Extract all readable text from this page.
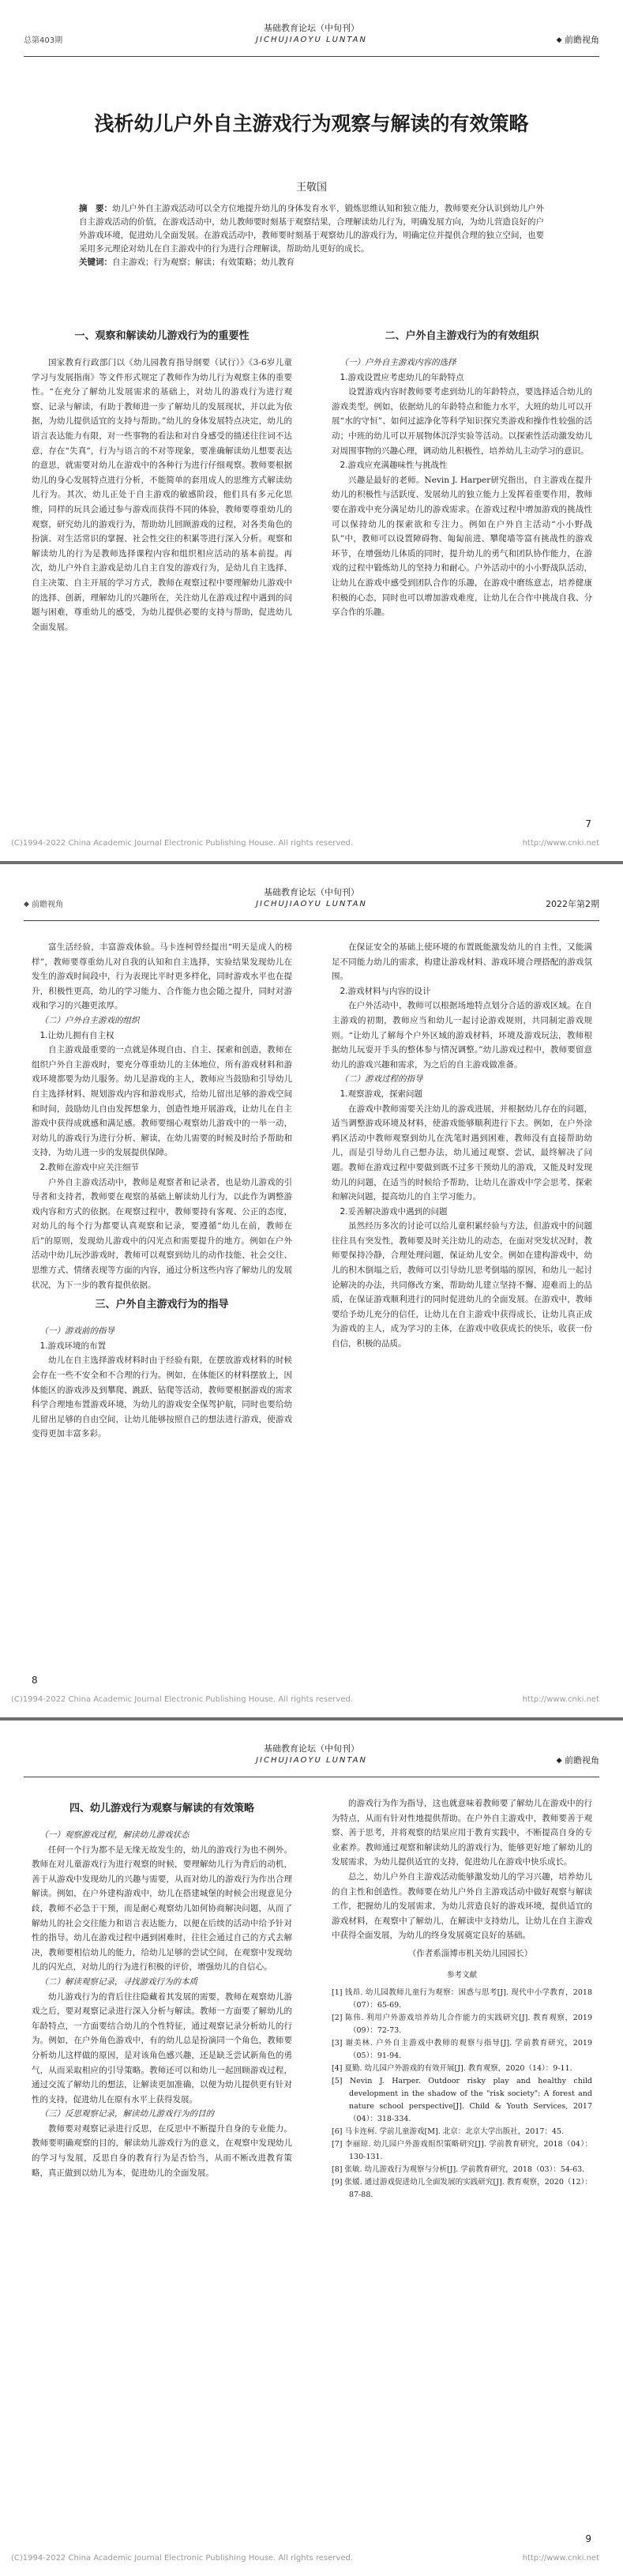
基础教育论坛（中旬刊）
JICHUJIAOYU LUNTAN
总第403期	◆ 前瞻视角
浅析幼儿户外自主游戏行为观察与解读的有效策略
王敬国

摘　要：幼儿户外自主游戏活动可以全方位地提升幼儿的身体发育水平，锻炼思维认知和独立能力，教师要充分认识到幼儿户外自主游戏活动的价值，在游戏活动中，幼儿教师要时刻基于观察结果，合理解读幼儿行为，明确发展方向，为幼儿营造良好的户外游戏环境，促进幼儿全面发展。在游戏活动中，教师要时刻基于观察幼儿的游戏行为，明确定位并提供合理的独立空间，也要采用多元理论对幼儿在自主游戏中的行为进行合理解读，帮助幼儿更好的成长。

关键词：自主游戏；行为观察；解读；有效策略；幼儿教育

一、观察和解读幼儿游戏行为的重要性

国家教育行政部门以《幼儿园教育指导纲要（试行）》《3-6岁儿童学习与发展指南》等文件形式规定了教师作为幼儿行为观察主体的重要性。“在充分了解幼儿发展需求的基础上，对幼儿的游戏行为进行观察、记录与解读，有助于教师进一步了解幼儿的发展现状，并以此为依据，为幼儿提供适宜的支持与帮助。”幼儿的身体发展特点决定，幼儿的语言表达能力有限，对一些事物的看法和对自身感受的描述往往词不达意，存在“失真”，行为与语言的不对等现象，要准确解读幼儿想要表达的意思，就需要对幼儿在游戏中的各种行为进行仔细观察。教师要根据幼儿的身心发展特点进行分析，不能简单的套用成人的思维方式解读幼儿行为。其次，幼儿正处于自主游戏的敏感阶段，他们具有多元化思维，同样的玩具会通过参与游戏而获得不同的体验，教师要尊重幼儿的观察，研究幼儿的游戏行为，帮助幼儿回顾游戏的过程，对各类角色的扮演、对生活常识的掌握、社会性交往的积累等进行深入分析。观察和解读幼儿的行为是教师选择课程内容和组织相应活动的基本前提。再次，幼儿户外自主游戏是幼儿自主自发的游戏行为，是幼儿自主选择、自主决策、自主开展的学习方式，教师在观察过程中要理解幼儿游戏中的选择、创新，理解幼儿的兴趣所在，关注幼儿在游戏过程中遇到的问题与困难，尊重幼儿的感受，为幼儿提供必要的支持与帮助，促进幼儿全面发展。

二、户外自主游戏行为的有效组织

（一）户外自主游戏内容的选择

1.游戏设置应考虑幼儿的年龄特点

设置游戏内容时教师要考虑到幼儿的年龄特点，要选择适合幼儿的游戏类型。例如，依据幼儿的年龄特点和能力水平，大班的幼儿可以开展“水的守恒”、如何过滤净化等科学知识探究类游戏和操作性较强的活动；中班的幼儿可以开展物体沉浮实验等活动。以探索性活动激发幼儿对周围事物的兴趣心理，调动幼儿积极性，培养幼儿主动学习的意识。

2.游戏应充满趣味性与挑战性

兴趣是最好的老师。Nevin J. Harper研究指出，自主游戏在提升幼儿的积极性与活跃度、发展幼儿的独立能力上发挥着重要作用，教师要在游戏中充分满足幼儿的游戏需求。在游戏过程中增加游戏的挑战性可以保持幼儿的探索欲和专注力。例如在户外自主活动“小小野战队”中，教师可以设置障碍物、匍匐前进、攀爬墙等富有挑战性的游戏环节，在增强幼儿体质的同时，提升幼儿的勇气和团队协作能力，在游戏的过程中锻炼幼儿的坚持力和耐心。户外活动中的小小野战队活动，让幼儿在游戏中感受到团队合作的乐趣，在游戏中磨练意志，培养健康积极的心态，同时也可以增加游戏难度，让幼儿在合作中挑战自我、分享合作的乐趣。

7
(C)1994-2022 China Academic Journal Electronic Publishing House. All rights reserved.	http://www.cnki.net
基础教育论坛（中旬刊）
JICHUJIAOYU LUNTAN
◆ 前瞻视角	2022年第2期

富生活经验，丰富游戏体验。马卡连柯曾经提出“明天是成人的榜样”，教师要尊重幼儿对自我的认知和自主选择，实验结果发现幼儿在发生的游戏时间段中，行为表现比平时更多样化，同时游戏水平也在提升，积极性更高，幼儿的学习能力、合作能力也会随之提升，同时对游戏和学习的兴趣更浓厚。

（二）户外自主游戏的组织

1.让幼儿拥有自主权

自主游戏最重要的一点就是体现自由、自主、探索和创造，教师在组织户外自主游戏时，要充分尊重幼儿的主体地位，所有游戏材料和游戏环境都要为幼儿服务。幼儿是游戏的主人，教师应当鼓励和引导幼儿自主选择材料、规划游戏内容和游戏形式，给幼儿留出足够的游戏空间和时间，鼓励幼儿自由发挥想象力，创造性地开展游戏，让幼儿在自主游戏中获得成就感和满足感。教师要细心观察幼儿游戏中的一举一动，对幼儿的游戏行为进行分析、解读，在幼儿需要的时候及时给予帮助和支持，为幼儿进一步的发展提供保障。

2.教师在游戏中应关注细节

户外自主游戏活动中，教师是观察者和记录者，也是幼儿游戏的引导者和支持者，教师要在观察的基础上解读幼儿行为，以此作为调整游戏内容和方式的依据。在观察过程中，教师要持有客观、公正的态度，对幼儿的每个行为都要认真观察和记录，要遵循“幼儿在前，教师在后”的原则，发现幼儿游戏中的闪光点和需要提升的地方。例如在户外活动中幼儿玩沙游戏时，教师可以观察到幼儿的动作技能、社会交往、思维方式、情绪表现等方面的内容，通过分析这些内容了解幼儿的发展状况，为下一步的教育提供依据。

三、户外自主游戏行为的指导

（一）游戏前的指导

1.游戏环境的布置

幼儿在自主选择游戏材料时由于经验有限，在摆放游戏材料的时候会存在一些不安全和不合理的行为。例如，在体能区的材料摆放上，因体能区的游戏涉及到攀爬、跳跃、钻爬等活动，教师要根据游戏的需求科学合理地布置游戏环境，为幼儿的游戏安全保驾护航，同时也要给幼儿留出足够的自由空间，让幼儿能够按照自己的想法进行游戏，使游戏变得更加丰富多彩。

在保证安全的基础上使环境的布置既能激发幼儿的自主性，又能满足不同能力幼儿的需求，构建让游戏材料、游戏环境合理搭配的游戏氛围。

2.游戏材料与内容的设计

在户外活动中，教师可以根据场地特点划分合适的游戏区域。在自主游戏的初期，教师应当和幼儿一起讨论游戏规则，共同制定游戏规则。“让幼儿了解每个户外区域的游戏材料，环境及游戏玩法，教师根据幼儿玩耍开手头的整体参与情况调整。”幼儿游戏过程中，教师要留意幼儿的游戏兴趣和需求，为之后的自主游戏做准备。

（二）游戏过程的指导

1.观察游戏，探索问题

在游戏中教师需要关注幼儿的游戏进展，并根据幼儿存在的问题，适当调整游戏环境及材料，使游戏能够顺利进行下去。例如，在户外涂鸦区活动中教师观察到幼儿在洗笔时遇到困难，教师没有直接帮助幼儿，而是引导幼儿自己想办法，幼儿通过观察、尝试，最终解决了问题。教师在游戏过程中要做到既不过多干预幼儿的游戏，又能及时发现幼儿的问题，在适当的时候给予帮助，让幼儿在游戏中学会思考、探索和解决问题，提高幼儿的自主学习能力。

2.妥善解决游戏中遇到的问题

虽然经历多次的讨论可以给儿童积累经验与方法，但游戏中的问题往往具有突发性，教师要及时关注幼儿的动态，在面对突发状况时，教师要保持冷静，合理处理问题，保证幼儿安全。例如在建构游戏中，幼儿的积木倒塌之后，教师可以引导幼儿思考倒塌的原因，和幼儿一起讨论解决的办法，共同修改方案，帮助幼儿建立坚持不懈、迎难而上的品质，在保证游戏顺利进行的同时促进幼儿的全面发展。在游戏中，教师要给予幼儿充分的信任，让幼儿在自主游戏中获得成长，让幼儿真正成为游戏的主人，成为学习的主体，在游戏中收获成长的快乐，收获一份自信，积极的品质。

8
(C)1994-2022 China Academic Journal Electronic Publishing House. All rights reserved.	http://www.cnki.net
基础教育论坛（中旬刊）
JICHUJIAOYU LUNTAN	◆ 前瞻视角

四、幼儿游戏行为观察与解读的有效策略

（一）观察游戏过程，解读幼儿游戏状态

任何一个行为都不是无缘无故发生的，幼儿的游戏行为也不例外。教师在对儿童游戏行为进行观察的时候，要理解幼儿行为背后的动机，善于从游戏中发现幼儿的兴趣与需要，从而对幼儿的游戏行为作出合理解读。例如，在户外建构游戏中，幼儿在搭建城堡的时候会出现意见分歧，教师不必急于干预，而是耐心观察幼儿如何协商解决问题，从而了解幼儿的社会交往能力和语言表达能力，以便在后续的活动中给予针对性的指导。幼儿在游戏过程中遇到困难时，往往会通过自己的方式去解决，教师要相信幼儿的能力，给幼儿足够的尝试空间，在观察中发现幼儿的闪光点，对幼儿的行为进行积极的评价，增强幼儿的自信心。

（二）解读观察记录，寻找游戏行为的本质

幼儿游戏行为的背后往往隐藏着其发展的需要，教师在观察幼儿游戏之后，要对观察记录进行深入分析与解读。教师一方面要了解幼儿的年龄特点，一方面要结合幼儿的个性特征，通过观察记录分析幼儿的行为。例如，在户外角色游戏中，有的幼儿总是扮演同一个角色，教师要分析幼儿这样做的原因，是对该角色感兴趣，还是缺乏尝试新角色的勇气，从而采取相应的引导策略。教师还可以和幼儿一起回顾游戏过程，通过交流了解幼儿的想法，让解读更加准确，以便为幼儿提供更有针对性的支持，促进幼儿在原有水平上获得发展。

（三）反思观察记录，解读幼儿游戏行为的目的

教师要对观察记录进行反思，在反思中不断提升自身的专业能力。教师要明确观察的目的，解读幼儿游戏行为的意义，在观察中发现幼儿的学习与发展，反思自身的教育行为是否恰当，从而不断改进教育策略，真正做到以幼儿为本，促进幼儿的全面发展。

的游戏行为作为指导，这也就意味着教师要了解幼儿在游戏中的行为特点，从而有针对性地提供帮助。在户外自主游戏中，教师要善于观察、善于思考，并将观察的结果应用于教育实践中，不断提高自身的专业素养。教师通过观察和解读幼儿的游戏行为，能够更好地了解幼儿的发展需求，为幼儿提供适宜的支持，促进幼儿在游戏中快乐成长。

总之，幼儿户外自主游戏活动能够激发幼儿的学习兴趣，培养幼儿的自主性和创造性。教师要在幼儿户外自主游戏活动中做好观察与解读工作，把握幼儿的发展需求，为幼儿营造良好的游戏环境，提供适宜的游戏材料，在观察中了解幼儿，在解读中支持幼儿，让幼儿在自主游戏中获得全面发展，为幼儿的终身发展奠定良好的基础。

（作者系淄博市机关幼儿园园长）

参考文献
[1] 钱昂. 幼儿园教师儿童行为观察：困惑与思考[J]. 现代中小学教育，2018（07）：65-69.
[2] 陈伟. 利用户外游戏培养幼儿合作能力的实践研究[J]. 教育观察，2019（09）：72-73.
[3] 谢美林. 户外自主游戏中教师的观察与指导[J]. 学前教育研究，2019（05）：91-94.
[4] 夏勤. 幼儿园户外游戏的有效开展[J]. 教育观察，2020（14）：9-11.
[5] Nevin J. Harper. Outdoor risky play and healthy child development in the shadow of the "risk society": A forest and nature school perspective[J]. Child & Youth Services, 2017（04）：318-334.
[6] 马卡连柯. 学前儿童游戏[M]. 北京：北京大学出版社，2017：45.
[7] 李丽琼. 幼儿园户外游戏组织策略研究[J]. 学前教育研究，2018（04）：130-131.
[8] 张敏. 幼儿游戏行为观察与分析[J]. 学前教育研究，2018（03）：54-63.
[9] 张媛. 通过游戏促进幼儿全面发展的实践研究[J]. 教育观察，2020（12）：87-88.
9
(C)1994-2022 China Academic Journal Electronic Publishing House. All rights reserved.	http://www.cnki.net
